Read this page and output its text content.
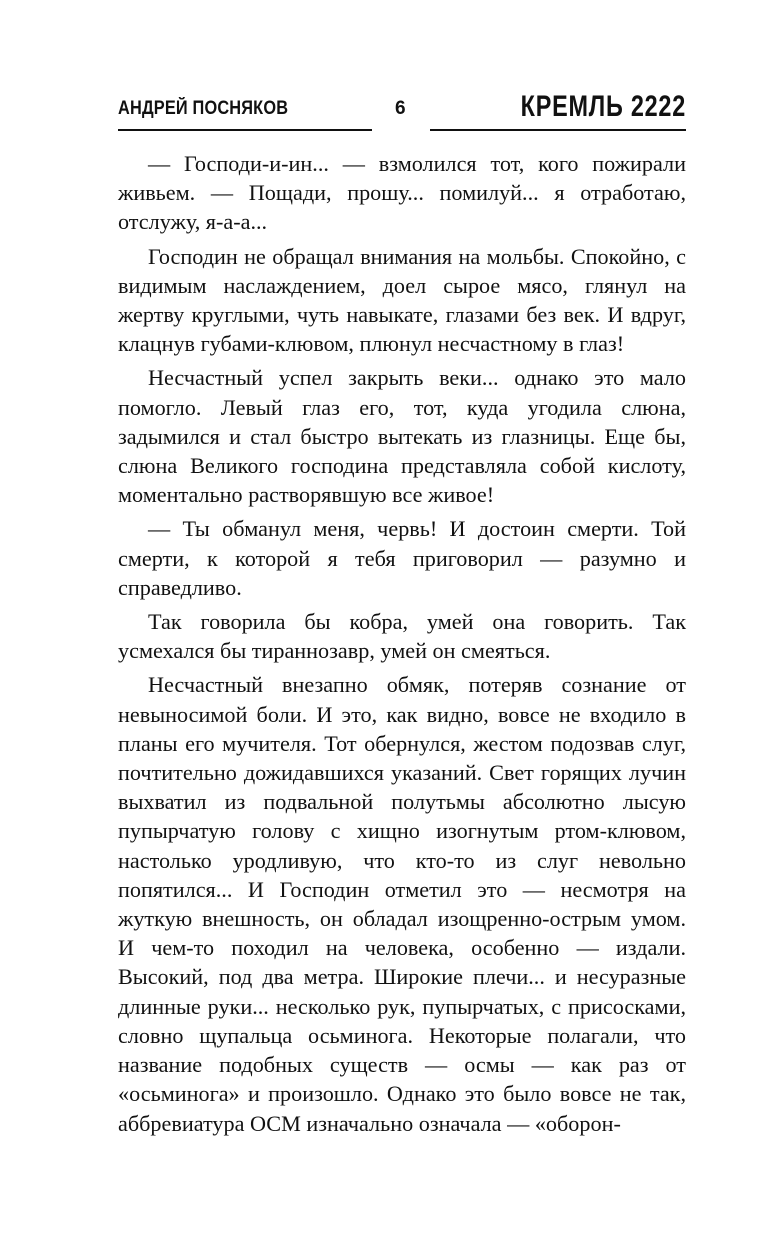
АНДРЕЙ ПОСНЯКОВ	6	КРЕМЛЬ 2222

— Господи-и-ин... — взмолился тот, кого пожирали живьем. — Пощади, прошу... помилуй... я отработаю, отслужу, я-а-а...

Господин не обращал внимания на мольбы. Спокойно, с видимым наслаждением, доел сырое мясо, глянул на жертву круглыми, чуть навыкате, глазами без век. И вдруг, клацнув губами-клювом, плюнул несчастному в глаз!

Несчастный успел закрыть веки... однако это мало помогло. Левый глаз его, тот, куда угодила слюна, задымился и стал быстро вытекать из глазницы. Еще бы, слюна Великого господина представляла собой кислоту, моментально растворявшую все живое!

— Ты обманул меня, червь! И достоин смерти. Той смерти, к которой я тебя приговорил — разумно и справедливо.

Так говорила бы кобра, умей она говорить. Так усмехался бы тираннозавр, умей он смеяться.

Несчастный внезапно обмяк, потеряв сознание от невыносимой боли. И это, как видно, вовсе не входило в планы его мучителя. Тот обернулся, жестом подозвав слуг, почтительно дожидавшихся указаний. Свет горящих лучин выхватил из подвальной полутьмы абсолютно лысую пупырчатую голову с хищно изогнутым ртом-клювом, настолько уродливую, что кто-то из слуг невольно попятился... И Господин отметил это — несмотря на жуткую внешность, он обладал изощренно-острым умом. И чем-то походил на человека, особенно — издали. Высокий, под два метра. Широкие плечи... и несуразные длинные руки... несколько рук, пупырчатых, с присосками, словно щупальца осьминога. Некоторые полагали, что название подобных существ — осмы — как раз от «осьминога» и произошло. Однако это было вовсе не так, аббревиатура ОСМ изначально означала — «оборон-
